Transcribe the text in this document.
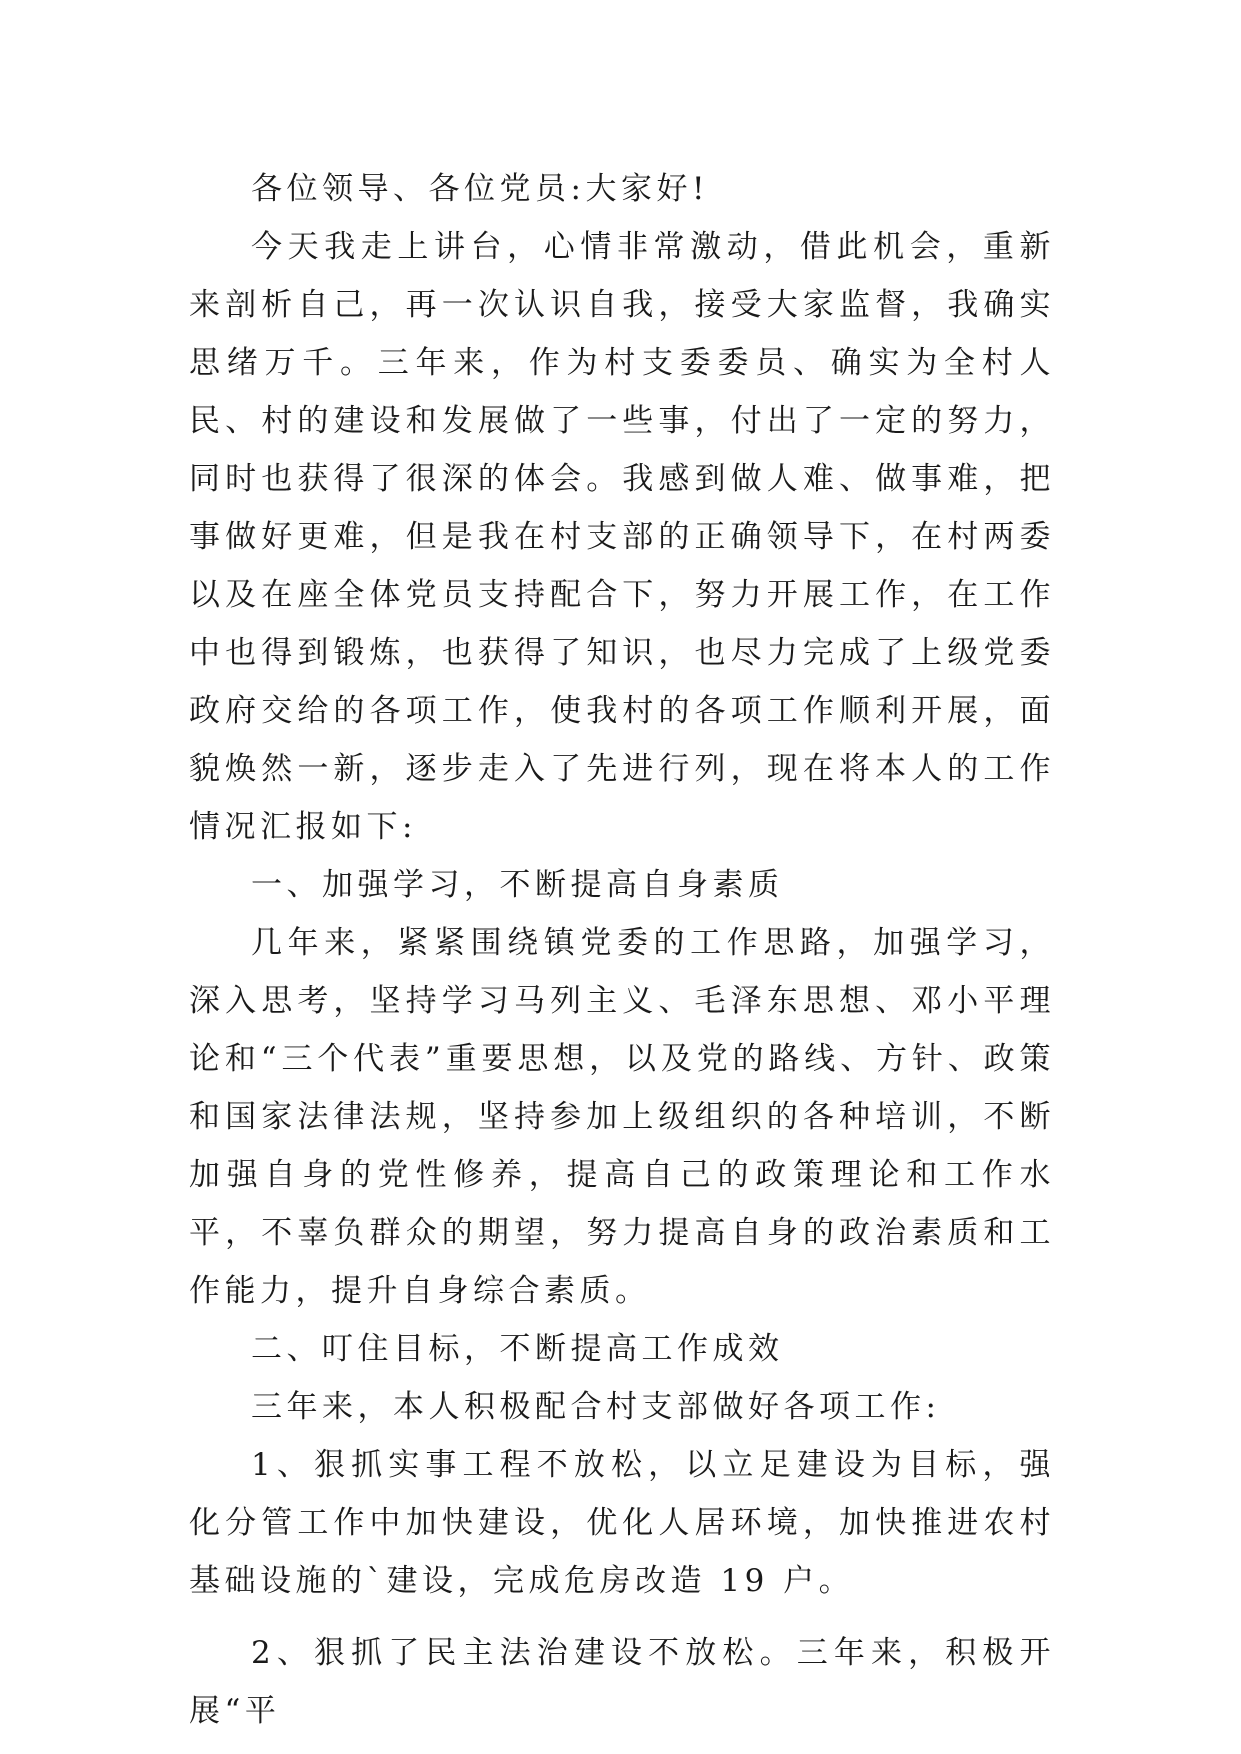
各位领导、各位党员:大家好!

今天我走上讲台，心情非常激动，借此机会，重新来剖析自己，再一次认识自我，接受大家监督，我确实思绪万千。三年来，作为村支委委员、确实为全村人民、村的建设和发展做了一些事，付出了一定的努力，同时也获得了很深的体会。我感到做人难、做事难，把事做好更难，但是我在村支部的正确领导下，在村两委以及在座全体党员支持配合下，努力开展工作，在工作中也得到锻炼，也获得了知识，也尽力完成了上级党委政府交给的各项工作，使我村的各项工作顺利开展，面貌焕然一新，逐步走入了先进行列，现在将本人的工作情况汇报如下:

一、加强学习，不断提高自身素质

几年来，紧紧围绕镇党委的工作思路，加强学习，深入思考，坚持学习马列主义、毛泽东思想、邓小平理论和“三个代表”重要思想，以及党的路线、方针、政策和国家法律法规，坚持参加上级组织的各种培训，不断加强自身的党性修养，提高自己的政策理论和工作水平，不辜负群众的期望，努力提高自身的政治素质和工作能力，提升自身综合素质。

二、叮住目标，不断提高工作成效

三年来，本人积极配合村支部做好各项工作:

1、狠抓实事工程不放松，以立足建设为目标，强化分管工作中加快建设，优化人居环境，加快推进农村基础设施的`建设，完成危房改造 19 户。

2、狠抓了民主法治建设不放松。三年来，积极开展“平
